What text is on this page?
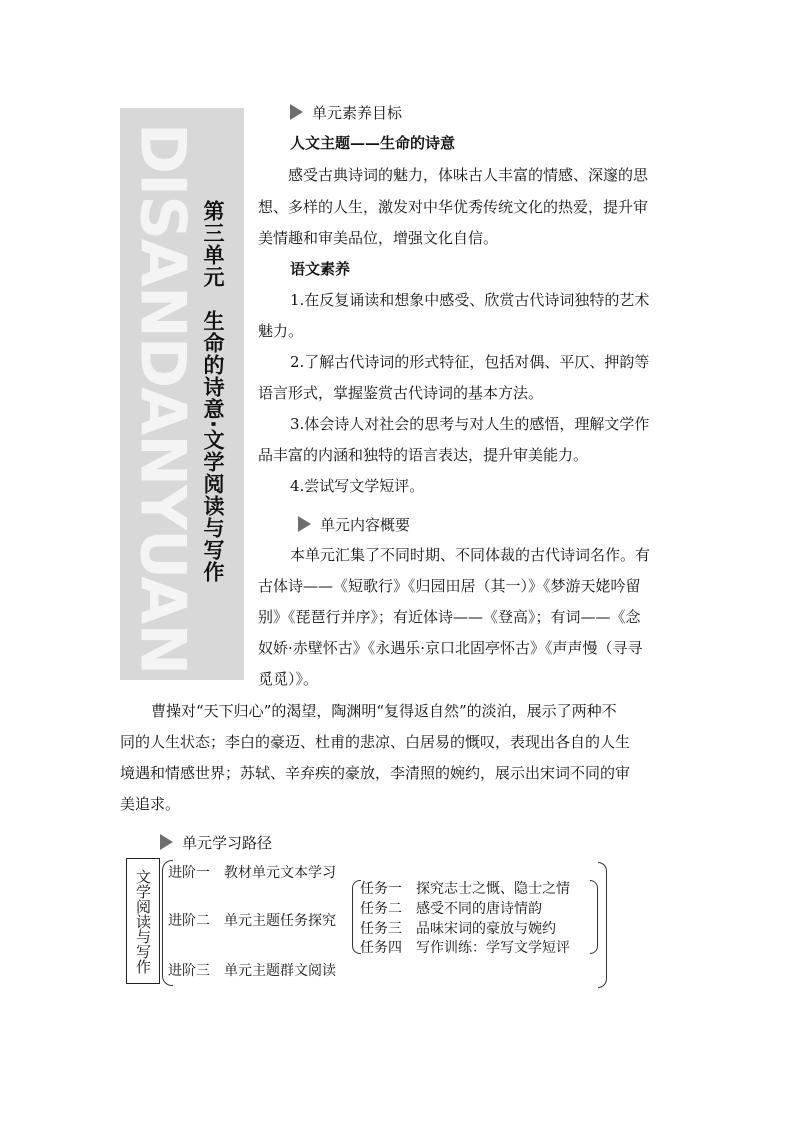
DISANDANYUAN 第三单元　生命的诗意·文学阅读与写作
单元素养目标
人文主题——生命的诗意
感受古典诗词的魅力，体味古人丰富的情感、深邃的思
想、多样的人生，激发对中华优秀传统文化的热爱，提升审
美情趣和审美品位，增强文化自信。
语文素养
1.在反复诵读和想象中感受、欣赏古代诗词独特的艺术
魅力。
2.了解古代诗词的形式特征，包括对偶、平仄、押韵等
语言形式，掌握鉴赏古代诗词的基本方法。
3.体会诗人对社会的思考与对人生的感悟，理解文学作
品丰富的内涵和独特的语言表达，提升审美能力。
4.尝试写文学短评。
单元内容概要
本单元汇集了不同时期、不同体裁的古代诗词名作。有
古体诗——《短歌行》《归园田居（其一）》《梦游天姥吟留
别》《琵琶行并序》；有近体诗——《登高》；有词——《念
奴娇·赤壁怀古》《永遇乐·京口北固亭怀古》《声声慢（寻寻
觅觅）》。
曹操对“天下归心”的渴望，陶渊明“复得返自然”的淡泊，展示了两种不
同的人生状态；李白的豪迈、杜甫的悲凉、白居易的慨叹，表现出各自的人生
境遇和情感世界；苏轼、辛弃疾的豪放，李清照的婉约，展示出宋词不同的审
美追求。
单元学习路径
文学阅读与写作	进阶一　教材单元文本学习
进阶二　单元主题任务探究
进阶三　单元主题群文阅读
任务一　探究志士之慨、隐士之情
任务二　感受不同的唐诗情韵
任务三　品味宋词的豪放与婉约
任务四　写作训练：学写文学短评
